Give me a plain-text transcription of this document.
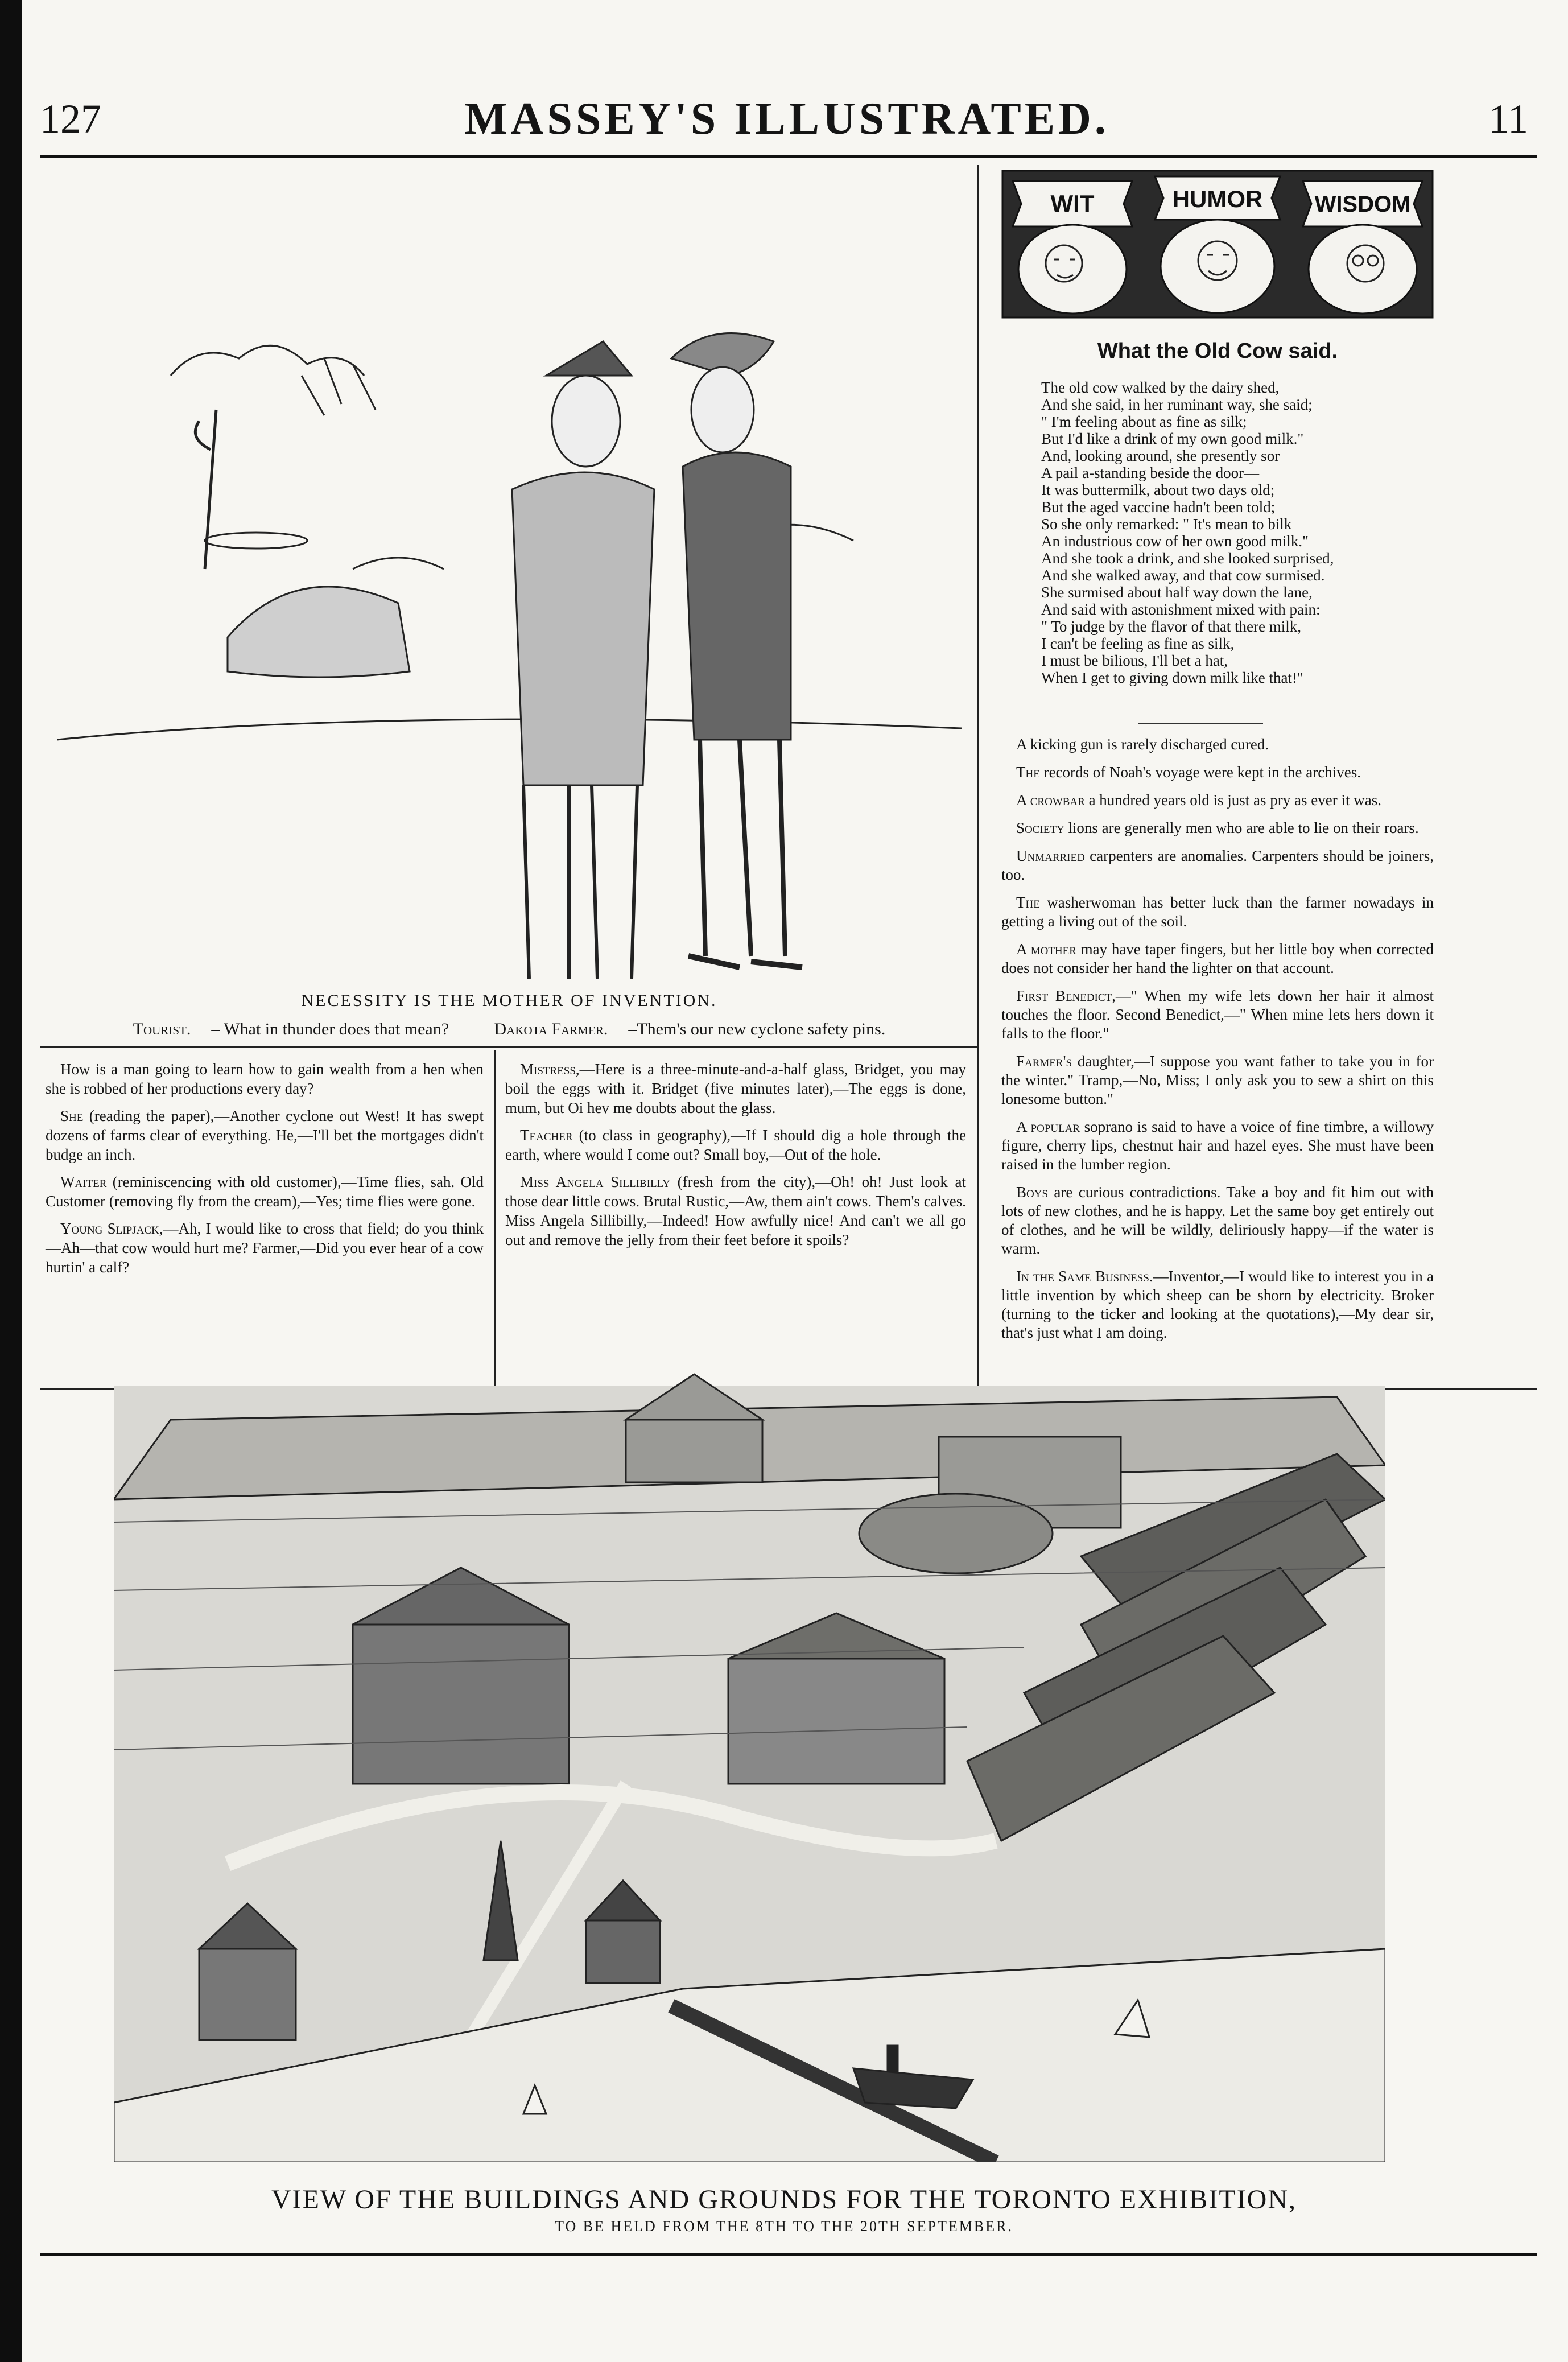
127	MASSEY'S ILLUSTRATED.	11
NECESSITY IS THE MOTHER OF INVENTION.
Tourist. – What in thunder does that mean?	Dakota Farmer. –Them's our new cyclone safety pins.

How is a man going to learn how to gain wealth from a hen when she is robbed of her productions every day?

She (reading the paper),—Another cyclone out West! It has swept dozens of farms clear of everything. He,—I'll bet the mortgages didn't budge an inch.

Waiter (reminiscencing with old customer),—Time flies, sah. Old Customer (removing fly from the cream),—Yes; time flies were gone.

Young Slipjack,—Ah, I would like to cross that field; do you think—Ah—that cow would hurt me? Farmer,—Did you ever hear of a cow hurtin' a calf?

Mistress,—Here is a three-minute-and-a-half glass, Bridget, you may boil the eggs with it. Bridget (five minutes later),—The eggs is done, mum, but Oi hev me doubts about the glass.

Teacher (to class in geography),—If I should dig a hole through the earth, where would I come out? Small boy,—Out of the hole.

Miss Angela Sillibilly (fresh from the city),—Oh! oh! Just look at those dear little cows. Brutal Rustic,—Aw, them ain't cows. Them's calves. Miss Angela Sillibilly,—Indeed! How awfully nice! And can't we all go out and remove the jelly from their feet before it spoils?

WIT	HUMOR WISDOM
What the Old Cow said.
The old cow walked by the dairy shed,
And she said, in her ruminant way, she said;
" I'm feeling about as fine as silk;
But I'd like a drink of my own good milk."
And, looking around, she presently sor
A pail a-standing beside the door—
It was buttermilk, about two days old;
But the aged vaccine hadn't been told;
So she only remarked: " It's mean to bilk
An industrious cow of her own good milk."
And she took a drink, and she looked surprised,
And she walked away, and that cow surmised.
She surmised about half way down the lane,
And said with astonishment mixed with pain:
" To judge by the flavor of that there milk,
I can't be feeling as fine as silk,
I must be bilious, I'll bet a hat,
When I get to giving down milk like that!"

A kicking gun is rarely discharged cured.

The records of Noah's voyage were kept in the archives.

A crowbar a hundred years old is just as pry as ever it was.

Society lions are generally men who are able to lie on their roars.

Unmarried carpenters are anomalies. Carpenters should be joiners, too.

The washerwoman has better luck than the farmer nowadays in getting a living out of the soil.

A mother may have taper fingers, but her little boy when corrected does not consider her hand the lighter on that account.

First Benedict,—" When my wife lets down her hair it almost touches the floor. Second Benedict,—" When mine lets hers down it falls to the floor."

Farmer's daughter,—I suppose you want father to take you in for the winter." Tramp,—No, Miss; I only ask you to sew a shirt on this lonesome button."

A popular soprano is said to have a voice of fine timbre, a willowy figure, cherry lips, chestnut hair and hazel eyes. She must have been raised in the lumber region.

Boys are curious contradictions. Take a boy and fit him out with lots of new clothes, and he is happy. Let the same boy get entirely out of clothes, and he will be wildly, deliriously happy—if the water is warm.

In the Same Business.—Inventor,—I would like to interest you in a little invention by which sheep can be shorn by electricity. Broker (turning to the ticker and looking at the quotations),—My dear sir, that's just what I am doing.

VIEW OF THE BUILDINGS AND GROUNDS FOR THE TORONTO EXHIBITION,
TO BE HELD FROM THE 8TH TO THE 20TH SEPTEMBER.
